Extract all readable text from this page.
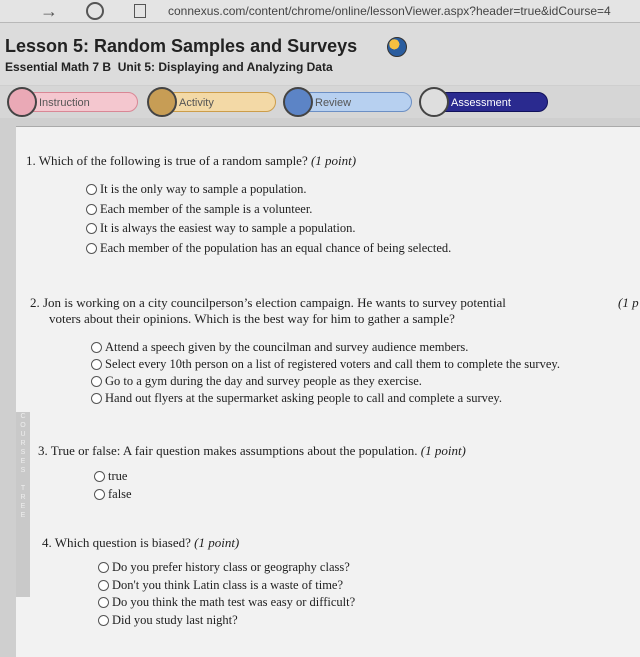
→	connexus.com/content/chrome/online/lessonViewer.aspx?header=true&idCourse=4
Lesson 5: Random Samples and Surveys
Essential Math 7 B Unit 5: Displaying and Analyzing Data
Instruction	Activity	Review	Assessment
C
O
U
R
S
E
S

T
R
E
E
1. Which of the following is true of a random sample? (1 point)
It is the only way to sample a population.
Each member of the sample is a volunteer.
It is always the easiest way to sample a population.
Each member of the population has an equal chance of being selected.
2. Jon is working on a city councilperson’s election campaign. He wants to survey potential
voters about their opinions. Which is the best way for him to gather a sample?
(1 p
Attend a speech given by the councilman and survey audience members.
Select every 10th person on a list of registered voters and call them to complete the survey.
Go to a gym during the day and survey people as they exercise.
Hand out flyers at the supermarket asking people to call and complete a survey.
3. True or false: A fair question makes assumptions about the population. (1 point)
true
false
4. Which question is biased? (1 point)
Do you prefer history class or geography class?
Don't you think Latin class is a waste of time?
Do you think the math test was easy or difficult?
Did you study last night?
